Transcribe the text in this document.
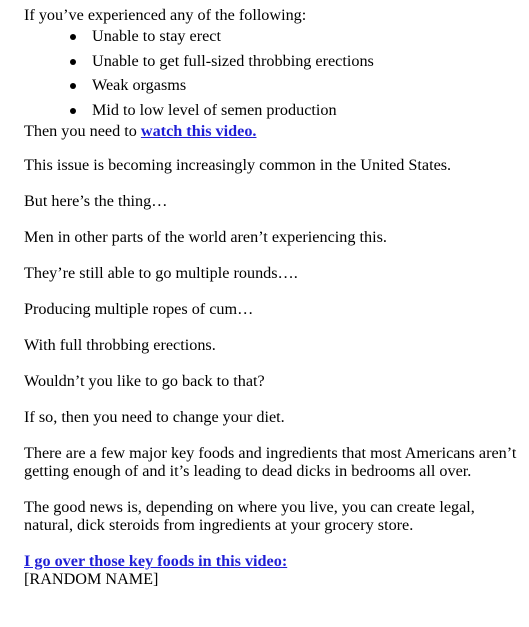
If you’ve experienced any of the following:

Unable to stay erect
Unable to get full-sized throbbing erections
Weak orgasms
Mid to low level of semen production

Then you need to watch this video.

This issue is becoming increasingly common in the United States.

But here’s the thing…

Men in other parts of the world aren’t experiencing this.

They’re still able to go multiple rounds….

Producing multiple ropes of cum…

With full throbbing erections.

Wouldn’t you like to go back to that?

If so, then you need to change your diet.

There are a few major key foods and ingredients that most Americans aren’t getting enough of and it’s leading to dead dicks in bedrooms all over.

The good news is, depending on where you live, you can create legal, natural, dick steroids from ingredients at your grocery store.

I go over those key foods in this video:

[RANDOM NAME]
